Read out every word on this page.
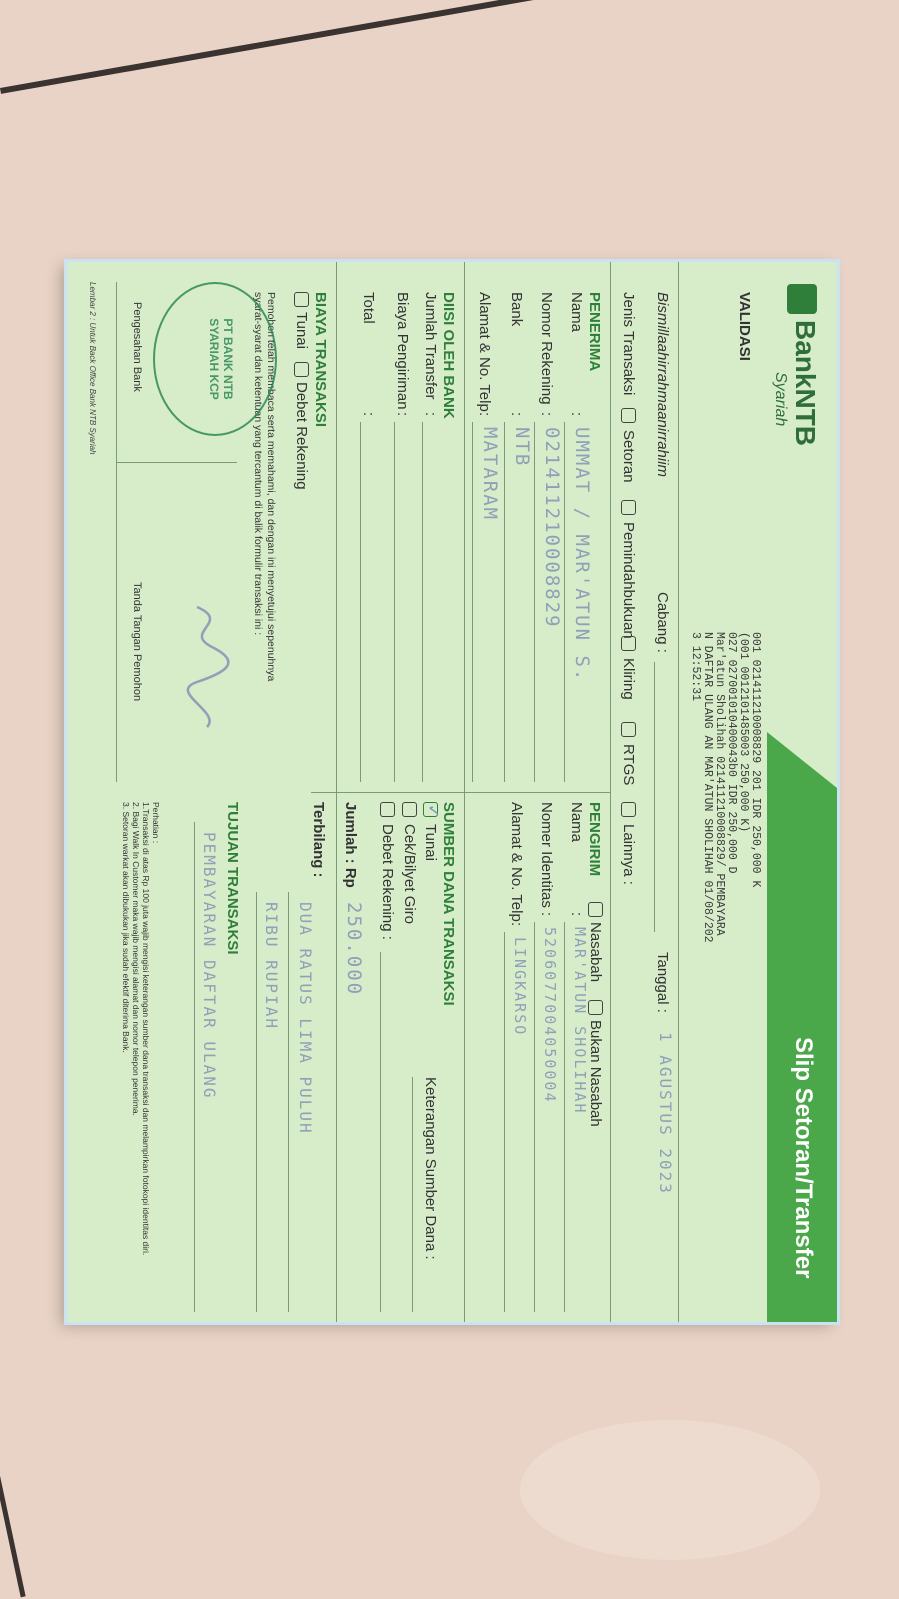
BankNTB
Syariah
Slip Setoran/Transfer
VALIDASI
001 021411210008829 201 IDR 250,000 K
(001 0012101485003 250,000 K)
027 027001010400043b0 IDR 250,000 D
Mar'atun Sholihah 021411210008829/ PEMBAYARA
N DAFTAR ULANG AN MAR'ATUN SHOLIHAH 01/08/202
3 12:52:31
Bismillaahirrahmaanirrahiim
Cabang :
Tanggal :
1 AGUSTUS 2023
Jenis Transaksi
Setoran
Pemindahbukuan
Kliring
RTGS
Lainnya :
PENERIMA
Nama
:
UMMAT / MAR'ATUN S.
Nomor Rekening
:
021411210008829
Bank
:
NTB
Alamat & No. Telp
:
MATARAM
PENGIRIM
Nasabah
Bukan Nasabah
Nama
:
MAR'ATUN SHOLIHAH
Nomer Identitas
:
5206077004050004
Alamat & No. Telp
:
LINGKARSO
DIISI OLEH BANK
Jumlah Transfer
:
Biaya Pengiriman
:
Total
:
SUMBER DANA TRANSAKSI
Keterangan Sumber Dana :
✓
Tunai
Cek/Bilyet Giro
Debet Rekening :
Jumlah : Rp
250.000
BIAYA TRANSAKSI
Tunai
Debet Rekening
Terbilang :
DUA RATUS LIMA PULUH
RIBU RUPIAH
Pemohon telah membaca serta memahami, dan dengan ini menyetujui sepenuhnya
syarat-syarat dan ketentuan yang tercantum di balik formulir transaksi ini :
Pengesahan Bank
Tanda Tangan Pemohon
PT BANK NTB SYARIAH KCP
TUJUAN TRANSAKSI
PEMBAYARAN DAFTAR ULANG
Perhatian :
1.Transaksi di atas Rp 100 juta wajib mengisi keterangan sumber dana transaksi dan melampirkan fotokopi identitas diri.
2. Bagi Walk In Customer maka wajib mengisi alamat dan nomor telepon penerima.
3. Setoran warkat akan dibukukan jika sudah efektif diterima Bank.
Lembar 2 : Untuk Back Office Bank NTB Syariah
